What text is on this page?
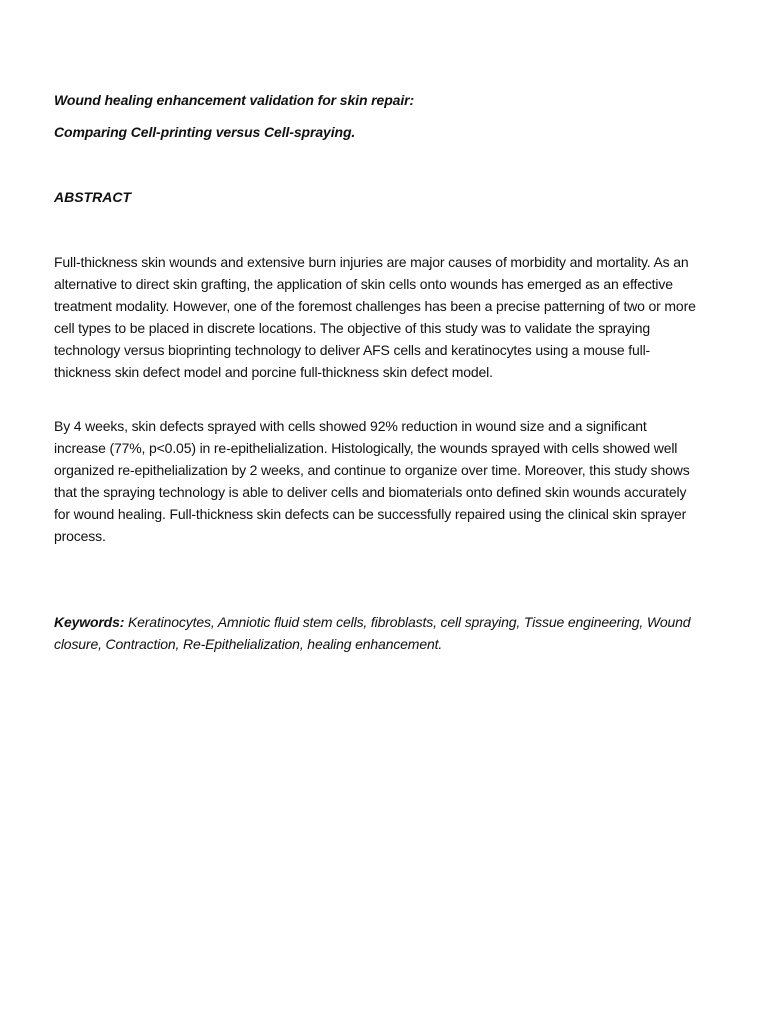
Wound healing enhancement validation for skin repair:

Comparing Cell-printing versus Cell-spraying.

ABSTRACT

Full-thickness skin wounds and extensive burn injuries are major causes of morbidity and mortality. As an alternative to direct skin grafting, the application of skin cells onto wounds has emerged as an effective treatment modality. However, one of the foremost challenges has been a precise patterning of two or more cell types to be placed in discrete locations. The objective of this study was to validate the spraying technology versus bioprinting technology to deliver AFS cells and keratinocytes using a mouse full-thickness skin defect model and porcine full-thickness skin defect model.

By 4 weeks, skin defects sprayed with cells showed 92% reduction in wound size and a significant increase (77%, p<0.05) in re-epithelialization. Histologically, the wounds sprayed with cells showed well organized re-epithelialization by 2 weeks, and continue to organize over time. Moreover, this study shows that the spraying technology is able to deliver cells and biomaterials onto defined skin wounds accurately for wound healing. Full-thickness skin defects can be successfully repaired using the clinical skin sprayer process.

Keywords: Keratinocytes, Amniotic fluid stem cells, fibroblasts, cell spraying, Tissue engineering, Wound closure, Contraction, Re-Epithelialization, healing enhancement.
